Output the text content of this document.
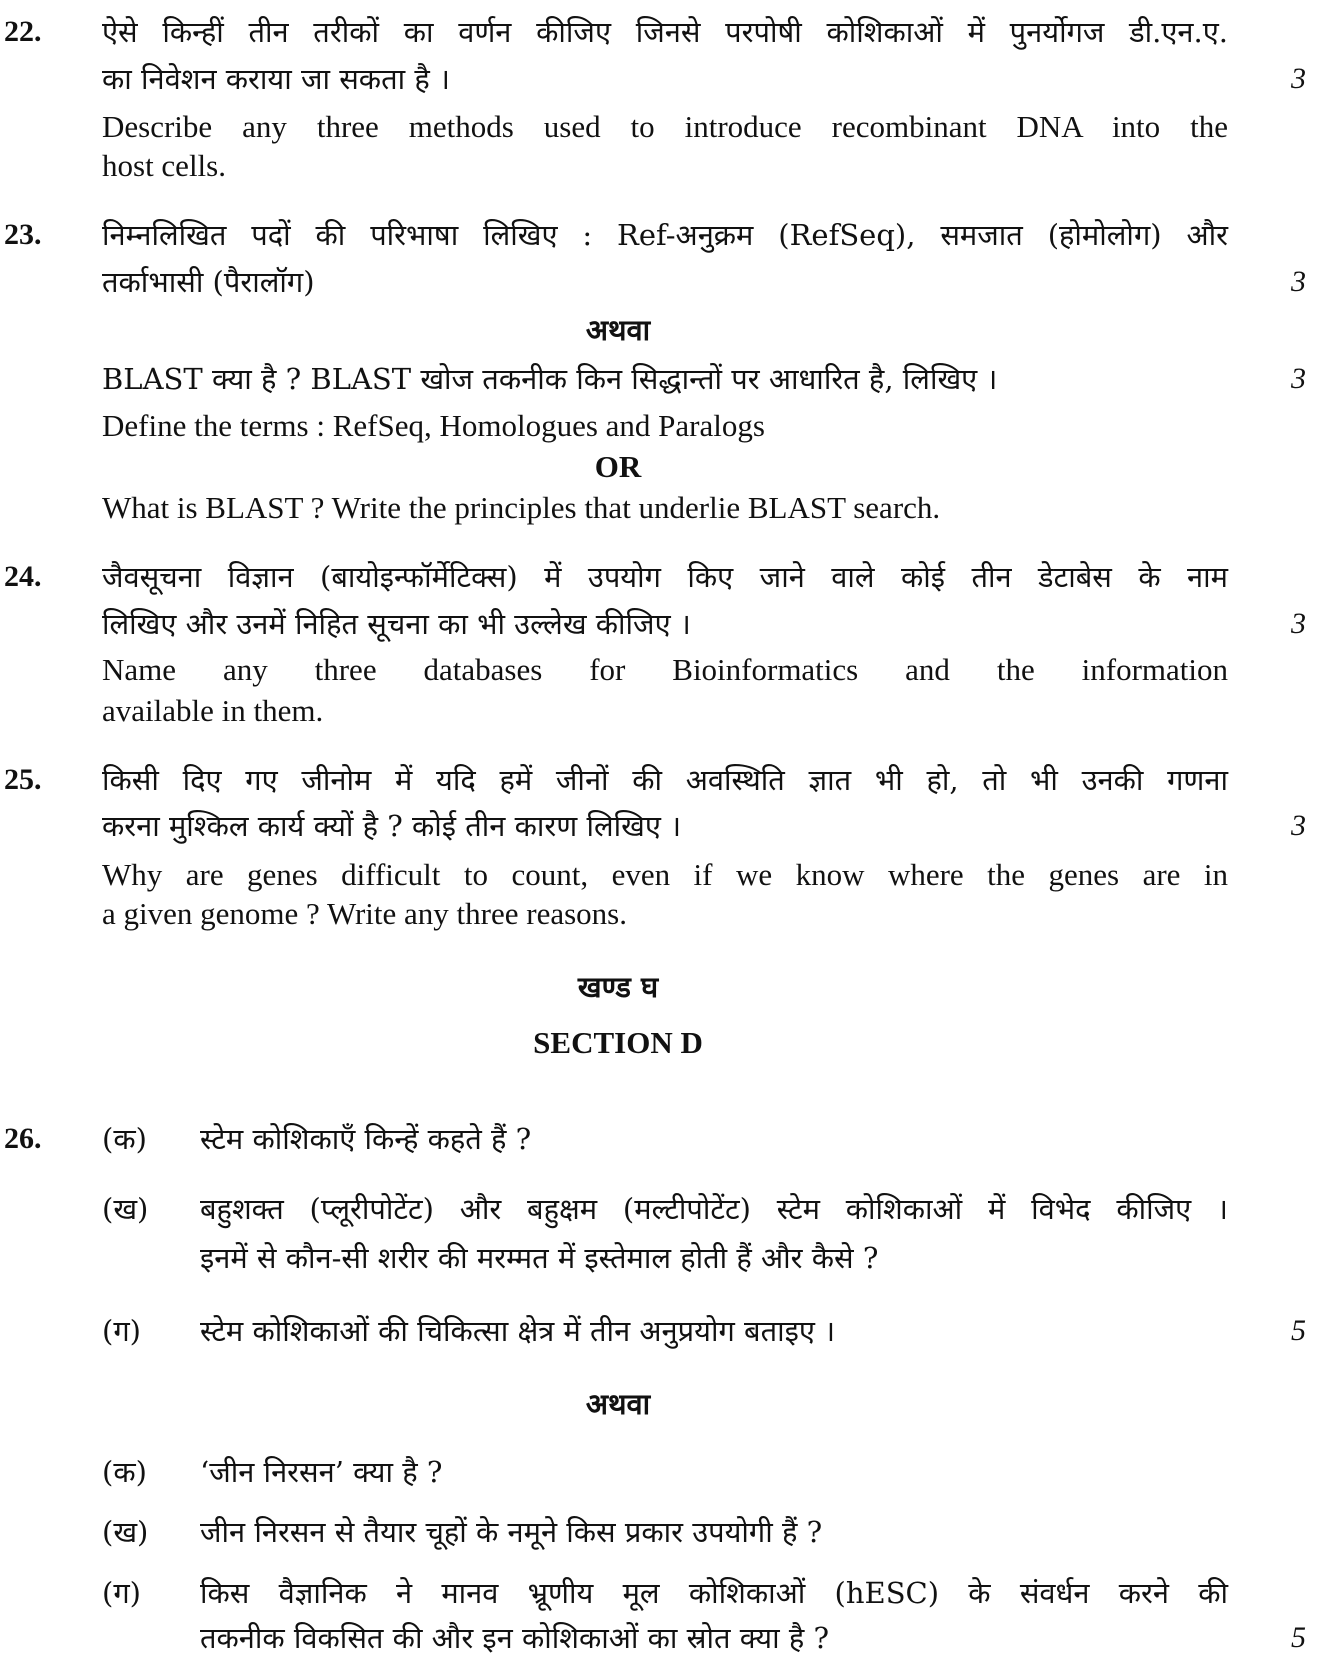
22. ऐसे किन्हीं तीन तरीकों का वर्णन कीजिए जिनसे परपोषी कोशिकाओं में पुनर्योगज डी.एन.ए.
का निवेशन कराया जा सकता है ।	3
Describe any three methods used to introduce recombinant DNA into the
host cells.
23. निम्नलिखित पदों की परिभाषा लिखिए : Ref-अनुक्रम (RefSeq), समजात (होमोलोग) और
तर्काभासी (पैरालॉग)	3
अथवा
BLAST क्या है ? BLAST खोज तकनीक किन सिद्धान्तों पर आधारित है, लिखिए ।	3
Define the terms : RefSeq, Homologues and Paralogs
OR
What is BLAST ? Write the principles that underlie BLAST search.
24. जैवसूचना विज्ञान (बायोइन्फॉर्मेटिक्स) में उपयोग किए जाने वाले कोई तीन डेटाबेस के नाम
लिखिए और उनमें निहित सूचना का भी उल्लेख कीजिए ।	3
Name any three databases for Bioinformatics and the information
available in them.
25. किसी दिए गए जीनोम में यदि हमें जीनों की अवस्थिति ज्ञात भी हो, तो भी उनकी गणना
करना मुश्किल कार्य क्यों है ? कोई तीन कारण लिखिए ।	3
Why are genes difficult to count, even if we know where the genes are in
a given genome ? Write any three reasons.
खण्ड घ
SECTION D
26. (क) स्टेम कोशिकाएँ किन्हें कहते हैं ?
(ख) बहुशक्त (प्लूरीपोटेंट) और बहुक्षम (मल्टीपोटेंट) स्टेम कोशिकाओं में विभेद कीजिए ।
इनमें से कौन-सी शरीर की मरम्मत में इस्तेमाल होती हैं और कैसे ?
(ग) स्टेम कोशिकाओं की चिकित्सा क्षेत्र में तीन अनुप्रयोग बताइए ।	5
अथवा
(क) ‘जीन निरसन’ क्या है ?
(ख) जीन निरसन से तैयार चूहों के नमूने किस प्रकार उपयोगी हैं ?
(ग) किस वैज्ञानिक ने मानव भ्रूणीय मूल कोशिकाओं (hESC) के संवर्धन करने की
तकनीक विकसित की और इन कोशिकाओं का स्रोत क्या है ?	5
